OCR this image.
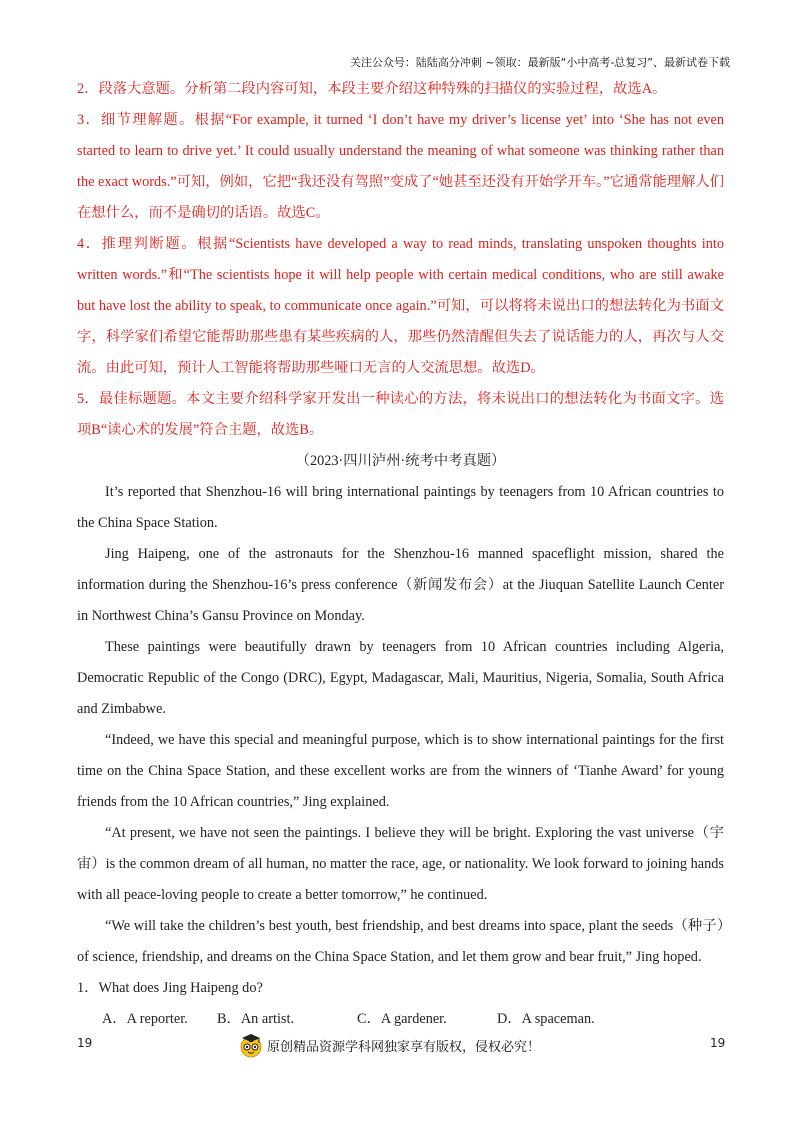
关注公众号：陆陆高分冲刺 ~领取：最新版“小中高考-总复习”、最新试卷下载

2．段落大意题。分析第二段内容可知，本段主要介绍这种特殊的扫描仪的实验过程，故选A。

3．细节理解题。根据“For example, it turned ‘I don’t have my driver’s license yet’ into ‘She has not even started to learn to drive yet.’ It could usually understand the meaning of what someone was thinking rather than the exact words.”可知，例如，它把“我还没有驾照”变成了“她甚至还没有开始学开车。”它通常能理解人们在想什么，而不是确切的话语。故选C。

4．推理判断题。根据“Scientists have developed a way to read minds, translating unspoken thoughts into written words.”和“The scientists hope it will help people with certain medical conditions, who are still awake but have lost the ability to speak, to communicate once again.”可知，可以将将未说出口的想法转化为书面文字，科学家们希望它能帮助那些患有某些疾病的人，那些仍然清醒但失去了说话能力的人，再次与人交流。由此可知，预计人工智能将帮助那些哑口无言的人交流思想。故选D。

5．最佳标题题。本文主要介绍科学家开发出一种读心的方法，将未说出口的想法转化为书面文字。选项B“读心术的发展”符合主题，故选B。

（2023·四川泸州·统考中考真题）

It’s reported that Shenzhou-16 will bring international paintings by teenagers from 10 African countries to the China Space Station.

Jing Haipeng, one of the astronauts for the Shenzhou-16 manned spaceflight mission, shared the information during the Shenzhou-16’s press conference（新闻发布会）at the Jiuquan Satellite Launch Center in Northwest China’s Gansu Province on Monday.

These paintings were beautifully drawn by teenagers from 10 African countries including Algeria, Democratic Republic of the Congo (DRC), Egypt, Madagascar, Mali, Mauritius, Nigeria, Somalia, South Africa and Zimbabwe.

“Indeed, we have this special and meaningful purpose, which is to show international paintings for the first time on the China Space Station, and these excellent works are from the winners of ‘Tianhe Award’ for young friends from the 10 African countries,” Jing explained.

“At present, we have not seen the paintings. I believe they will be bright. Exploring the vast universe（宇宙）is the common dream of all human, no matter the race, age, or nationality. We look forward to joining hands with all peace-loving people to create a better tomorrow,” he continued.

“We will take the children’s best youth, best friendship, and best dreams into space, plant the seeds（种子）of science, friendship, and dreams on the China Space Station, and let them grow and bear fruit,” Jing hoped.

1．What does Jing Haipeng do?

A．A reporter.	B．An artist.	C．A gardener.	D．A spaceman.
19	原创精品资源学科网独家享有版权，侵权必究！	19
